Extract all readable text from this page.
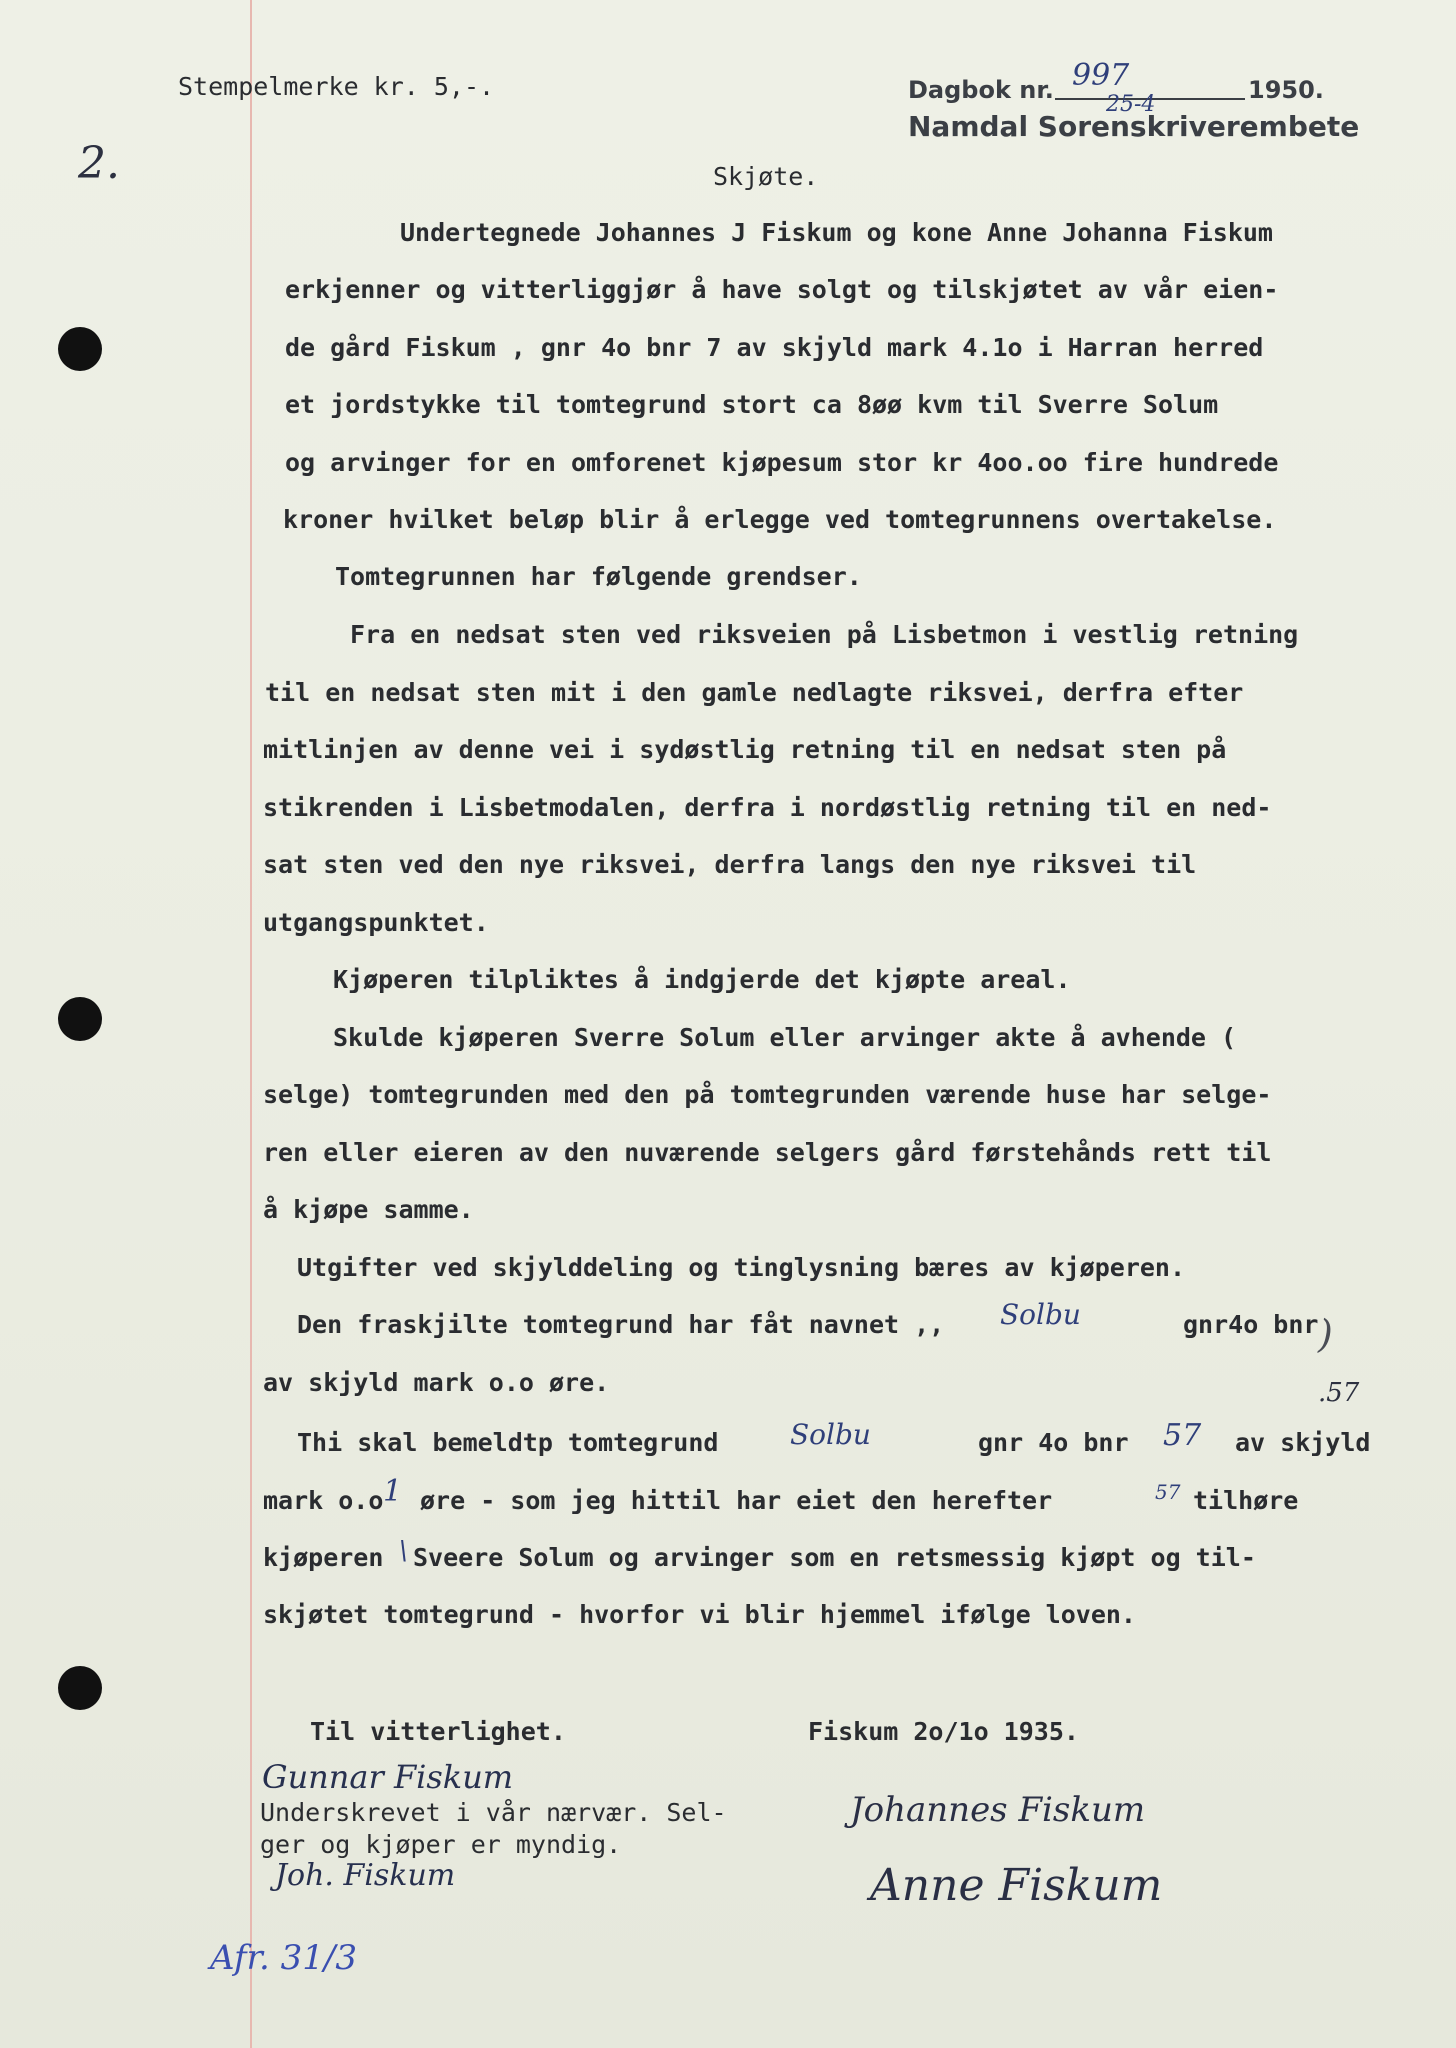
Stempelmerke kr. 5,-.
2.
Dagbok nr. 997
25-4
1950.
Namdal Sorenskriverembete
Skjøte.
Undertegnede Johannes J Fiskum og kone Anne Johanna Fiskum
erkjenner og vitterliggjør å have solgt og tilskjøtet av vår eien-
de gård Fiskum , gnr 4o bnr 7 av skjyld mark 4.1o i Harran herred
et jordstykke til tomtegrund stort ca 8øø kvm til Sverre Solum
og arvinger for en omforenet kjøpesum stor kr 4oo.oo fire hundrede
kroner hvilket beløp blir å erlegge ved tomtegrunnens overtakelse.
Tomtegrunnen har følgende grendser.
Fra en nedsat sten ved riksveien på Lisbetmon i vestlig retning
til en nedsat sten mit i den gamle nedlagte riksvei, derfra efter
mitlinjen av denne vei i sydøstlig retning til en nedsat sten på
stikrenden i Lisbetmodalen, derfra i nordøstlig retning til en ned-
sat sten ved den nye riksvei, derfra langs den nye riksvei til
utgangspunktet.
Kjøperen tilpliktes å indgjerde det kjøpte areal.
Skulde kjøperen Sverre Solum eller arvinger akte å avhende (
selge) tomtegrunden med den på tomtegrunden værende huse har selge-
ren eller eieren av den nuværende selgers gård førstehånds rett til
å kjøpe samme.
Utgifter ved skjylddeling og tinglysning bæres av kjøperen.
Den fraskjilte tomtegrund har fåt navnet ,, Solbu	gnr4o bnr )
av skjyld mark o.o øre.	.57
Thi skal bemeldtp tomtegrund	Solbu	gnr 4o bnr 57 av skjyld
mark o.o 1 øre - som jeg hittil har eiet den herefter	57 tilhøre
kjøperen \ Sveere Solum og arvinger som en retsmessig kjøpt og til-
skjøtet tomtegrund - hvorfor vi blir hjemmel ifølge loven.
Til vitterlighet.	Fiskum 2o/1o 1935.
Gunnar Fiskum
Underskrevet i vår nærvær. Sel-
ger og kjøper er myndig.
Joh. Fiskum
Johannes Fiskum
Anne Fiskum
Afr. 31/3
